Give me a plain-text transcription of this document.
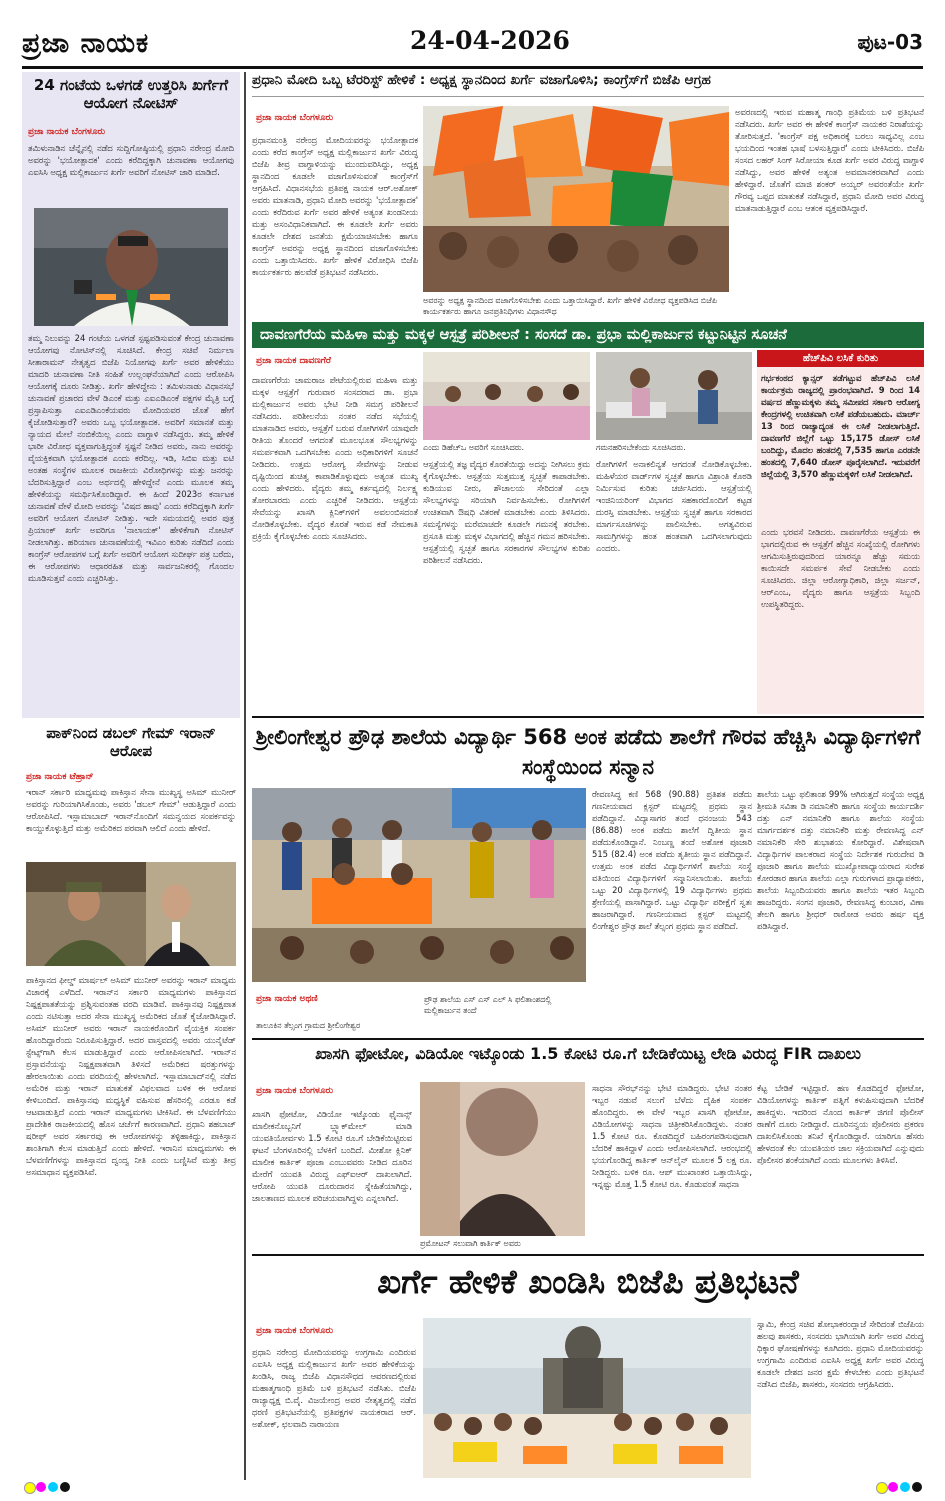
ಪ್ರಜಾ ನಾಯಕ	24-04-2026	ಪುಟ-03
24 ಗಂಟೆಯ ಒಳಗಡೆ ಉತ್ತರಿಸಿ ಖರ್ಗೆಗೆ ಆಯೋಗ ನೋಟಿಸ್
ಪ್ರಜಾ ನಾಯಕ ಬೆಂಗಳೂರು
ತಮಿಳುನಾಡಿನ ಚೆನ್ನೈನಲ್ಲಿ ನಡೆದ ಸುದ್ದಿಗೋಷ್ಠಿಯಲ್ಲಿ ಪ್ರಧಾನಿ ನರೇಂದ್ರ ಮೋದಿ ಅವರನ್ನು 'ಭಯೋತ್ಪಾದಕ' ಎಂದು ಕರೆದಿದ್ದಕ್ಕಾಗಿ ಚುನಾವಣಾ ಆಯೋಗವು ಎಐಸಿಸಿ ಅಧ್ಯಕ್ಷ ಮಲ್ಲಿಕಾರ್ಜುನ ಖರ್ಗೆ ಅವರಿಗೆ ನೋಟಿಸ್ ಜಾರಿ ಮಾಡಿದೆ.
ತಮ್ಮ ನಿಲುವನ್ನು 24 ಗಂಟೆಯ ಒಳಗಡೆ ಸ್ಪಷ್ಟಪಡಿಸುವಂತೆ ಕೇಂದ್ರ ಚುನಾವಣಾ ಆಯೋಗವು ನೋಟಿಸ್‌ನಲ್ಲಿ ಸೂಚಿಸಿದೆ. ಕೇಂದ್ರ ಸಚಿವೆ ನಿರ್ಮಲಾ ಸೀತಾರಾಮನ್ ನೇತೃತ್ವದ ಬಿಜೆಪಿ ನಿಯೋಗವು ಖರ್ಗೆ ಅವರ ಹೇಳಿಕೆಯು ಮಾದರಿ ಚುನಾವಣಾ ನೀತಿ ಸಂಹಿತೆ ಉಲ್ಲಂಘನೆಯಾಗಿದೆ ಎಂದು ಆರೋಪಿಸಿ ಆಯೋಗಕ್ಕೆ ದೂರು ನೀಡಿತ್ತು. ಖರ್ಗೆ ಹೇಳಿದ್ದೇನು : ತಮಿಳುನಾಡು ವಿಧಾನಸಭೆ ಚುನಾವಣೆ ಪ್ರಚಾರದ ವೇಳೆ ಡಿಎಂಕೆ ಮತ್ತು ಎಐಎಡಿಎಂಕೆ ಪಕ್ಷಗಳ ಮೈತ್ರಿ ಬಗ್ಗೆ ಪ್ರಸ್ತಾಪಿಸುತ್ತಾ ಎಐಎಡಿಎಂಕೆಯವರು ಮೋದಿಯವರ ಜೊತೆ ಹೇಗೆ ಕೈಜೋಡಿಸುತ್ತಾರೆ? ಅವರು ಒಬ್ಬ ಭಯೋತ್ಪಾದಕ. ಅವರಿಗೆ ಸಮಾನತೆ ಮತ್ತು ನ್ಯಾಯದ ಮೇಲೆ ನಂಬಿಕೆಯಿಲ್ಲ ಎಂದು ವಾಗ್ದಾಳಿ ನಡೆಸಿದ್ದರು. ತಮ್ಮ ಹೇಳಿಕೆ ಭಾರೀ ವಿರೋಧ ವ್ಯಕ್ತವಾಗುತ್ತಿದ್ದಂತೆ ಸ್ಪಷ್ಟನೆ ನೀಡಿದ ಅವರು, ನಾನು ಅವರನ್ನು ವೈಯಕ್ತಿಕವಾಗಿ ಭಯೋತ್ಪಾದಕ ಎಂದು ಕರೆದಿಲ್ಲ. ಇಡಿ, ಸಿಬಿಐ ಮತ್ತು ಐಟಿ ಅಂತಹ ಸಂಸ್ಥೆಗಳ ಮೂಲಕ ರಾಜಕೀಯ ವಿರೋಧಿಗಳನ್ನು ಮತ್ತು ಜನರನ್ನು ಬೆದರಿಸುತ್ತಿದ್ದಾರೆ ಎಂಬ ಅರ್ಥದಲ್ಲಿ ಹೇಳಿದ್ದೇನೆ ಎಂದು ಮೂಲಕ ತಮ್ಮ ಹೇಳಿಕೆಯನ್ನು ಸಮರ್ಥಿಸಿಕೊಂಡಿದ್ದಾರೆ. ಈ ಹಿಂದೆ 2023ರ ಕರ್ನಾಟಕ ಚುನಾವಣೆ ವೇಳೆ ಮೋದಿ ಅವರನ್ನು 'ವಿಷದ ಹಾವು' ಎಂದು ಕರೆದಿದ್ದಕ್ಕಾಗಿ ಖರ್ಗೆ ಅವರಿಗೆ ಆಯೋಗ ನೋಟಿಸ್ ನೀಡಿತ್ತು. ಇದೇ ಸಮಯದಲ್ಲಿ ಅವರ ಪುತ್ರ ಪ್ರಿಯಾಂಕ್ ಖರ್ಗೆ ಅವರಿಗೂ 'ನಾಲಾಯಕ್' ಹೇಳಿಕೆಗಾಗಿ ನೋಟಿಸ್ ನೀಡಲಾಗಿತ್ತು. ಹರಿಯಾಣ ಚುನಾವಣೆಯಲ್ಲಿ ಇವಿಎಂ ಕುರಿತು ನಡೆದಿದೆ ಎಂದು ಕಾಂಗ್ರೆಸ್ ಆರೋಪಗಳ ಬಗ್ಗೆ ಖರ್ಗೆ ಅವರಿಗೆ ಆಯೋಗ ಸುದೀರ್ಘ ಪತ್ರ ಬರೆದು, ಈ ಆರೋಪಗಳು ಆಧಾರರಹಿತ ಮತ್ತು ಸಾರ್ವಜನಿಕರಲ್ಲಿ ಗೊಂದಲ ಮೂಡಿಸುತ್ತವೆ ಎಂದು ಎಚ್ಚರಿಸಿತ್ತು.
ಪಾಕ್‌ನಿಂದ ಡಬಲ್ ಗೇಮ್ ಇರಾನ್ ಆರೋಪ
ಪ್ರಜಾ ನಾಯಕ ಟೆಹ್ರಾನ್
ಇರಾನ್ ಸರ್ಕಾರಿ ಮಾಧ್ಯಮವು ಪಾಕಿಸ್ತಾನ ಸೇನಾ ಮುಖ್ಯಸ್ಥ ಅಸಿಮ್ ಮುನೀರ್ ಅವರನ್ನು ಗುರಿಯಾಗಿಸಿಕೊಂಡು, ಅವರು 'ಡಬಲ್ ಗೇಮ್' ಆಡುತ್ತಿದ್ದಾರೆ ಎಂದು ಆರೋಪಿಸಿದೆ. ಇಸ್ಲಾಮಾಬಾದ್ ಇರಾನ್‌ನೊಂದಿಗೆ ಸಮನ್ವಯದ ಸಂಪರ್ಕವನ್ನು ಕಾಯ್ದುಕೊಳ್ಳುತ್ತಿದೆ ಮತ್ತು ಅಮೆರಿಕದ ಪರವಾಗಿ ಆಲಿದೆ ಎಂದು ಹೇಳಿದೆ.
ಪಾಕಿಸ್ತಾನದ ಫೀಲ್ಡ್ ಮಾರ್ಷಲ್ ಅಸಿಮ್ ಮುನೀರ್ ಅವರನ್ನು ಇರಾನ್ ಮಾಧ್ಯಮ ವಿಚಾರಕ್ಕೆ ಎಳೆದಿದೆ. ಇರಾನ್‌ನ ಸರ್ಕಾರಿ ಮಾಧ್ಯಮಗಳು ಪಾಕಿಸ್ತಾನದ ನಿಷ್ಪಕ್ಷಪಾತತೆಯನ್ನು ಪ್ರಶ್ನಿಸುವಂತಹ ವರದಿ ಮಾಡಿವೆ. ಪಾಕಿಸ್ತಾನವು ನಿಷ್ಪಕ್ಷಪಾತ ಎಂದು ನಟಿಸುತ್ತಾ ಅದರ ಸೇನಾ ಮುಖ್ಯಸ್ಥ ಅಮೆರಿಕದ ಜೊತೆ ಕೈಜೋಡಿಸಿದ್ದಾರೆ. ಅಸಿಮ್ ಮುನೀರ್ ಅವರು ಇರಾನ್ ನಾಯಕರೊಂದಿಗೆ ವೈಯಕ್ತಿಕ ಸಂಪರ್ಕ ಹೊಂದಿದ್ದಾರೆಂದು ನಿರೂಪಿಸುತ್ತಿದ್ದಾರೆ. ಅದರ ವಾಸ್ತವದಲ್ಲಿ ಅವರು ಯುನೈಟೆಡ್ ಸ್ಟೇಟ್ಸ್‌ಗಾಗಿ ಕೆಲಸ ಮಾಡುತ್ತಿದ್ದಾರೆ ಎಂದು ಆರೋಪಿಸಲಾಗಿದೆ. ಇರಾನ್‌ನ ಪ್ರಸ್ತಾವನೆಯನ್ನು ನಿಷ್ಪಕ್ಷಪಾತವಾಗಿ ತಿಳಿಸದೆ ಅಮೆರಿಕದ ಷರತ್ತುಗಳನ್ನು ಹೇರಲಾಯಿತು ಎಂದು ವರದಿಯಲ್ಲಿ ಹೇಳಲಾಗಿದೆ. ಇಸ್ಲಾಮಾಬಾದ್‌ನಲ್ಲಿ ನಡೆದ ಅಮೆರಿಕ ಮತ್ತು ಇರಾನ್ ಮಾತುಕತೆ ವಿಫಲವಾದ ಬಳಿಕ ಈ ಆರೋಪ ಕೇಳಿಬಂದಿದೆ. ಪಾಕಿಸ್ತಾನವು ಮಧ್ಯಸ್ಥಿಕೆ ವಹಿಸುವ ಹೆಸರಿನಲ್ಲಿ ಎರಡೂ ಕಡೆ ಆಟವಾಡುತ್ತಿದೆ ಎಂದು ಇರಾನ್ ಮಾಧ್ಯಮಗಳು ಟೀಕಿಸಿವೆ. ಈ ಬೆಳವಣಿಗೆಯು ಪ್ರಾದೇಶಿಕ ರಾಜಕೀಯದಲ್ಲಿ ಹೊಸ ಚರ್ಚೆಗೆ ಕಾರಣವಾಗಿದೆ. ಪ್ರಧಾನಿ ಶಹಬಾಜ್ ಷರೀಫ್ ಅವರ ಸರ್ಕಾರವು ಈ ಆರೋಪಗಳನ್ನು ತಳ್ಳಿಹಾಕಿದ್ದು, ಪಾಕಿಸ್ತಾನ ಶಾಂತಿಗಾಗಿ ಕೆಲಸ ಮಾಡುತ್ತಿದೆ ಎಂದು ಹೇಳಿದೆ. ಇರಾನಿನ ಮಾಧ್ಯಮಗಳು ಈ ಬೆಳವಣಿಗೆಗಳನ್ನು ಪಾಕಿಸ್ತಾನದ ದ್ವಂದ್ವ ನೀತಿ ಎಂದು ಬಣ್ಣಿಸಿವೆ ಮತ್ತು ತೀವ್ರ ಅಸಮಾಧಾನ ವ್ಯಕ್ತಪಡಿಸಿವೆ.
ಪ್ರಧಾನಿ ಮೋದಿ ಒಬ್ಬ ಟೆರರಿಸ್ಟ್ ಹೇಳಿಕೆ : ಅಧ್ಯಕ್ಷ ಸ್ಥಾನದಿಂದ ಖರ್ಗೆ ವಜಾಗೊಳಿಸಿ; ಕಾಂಗ್ರೆಸ್‌ಗೆ ಬಿಜೆಪಿ ಆಗ್ರಹ
ಪ್ರಜಾ ನಾಯಕ ಬೆಂಗಳೂರು
ಪ್ರಧಾನಮಂತ್ರಿ ನರೇಂದ್ರ ಮೋದಿಯವರನ್ನು ಭಯೋತ್ಪಾದಕ ಎಂದು ಕರೆದ ಕಾಂಗ್ರೆಸ್ ಅಧ್ಯಕ್ಷ ಮಲ್ಲಿಕಾರ್ಜುನ ಖರ್ಗೆ ವಿರುದ್ಧ ಬಿಜೆಪಿ ತೀವ್ರ ವಾಗ್ದಾಳಿಯನ್ನು ಮುಂದುವರಿಸಿದ್ದು, ಅಧ್ಯಕ್ಷ ಸ್ಥಾನದಿಂದ ಕೂಡಲೇ ವಜಾಗೊಳಿಸುವಂತೆ ಕಾಂಗ್ರೆಸ್‌ಗೆ ಆಗ್ರಹಿಸಿದೆ. ವಿಧಾನಸಭೆಯ ಪ್ರತಿಪಕ್ಷ ನಾಯಕ ಆರ್.ಅಶೋಕ್ ಅವರು ಮಾತನಾಡಿ, ಪ್ರಧಾನಿ ಮೋದಿ ಅವರನ್ನು 'ಭಯೋತ್ಪಾದಕ' ಎಂದು ಕರೆದಿರುವ ಖರ್ಗೆ ಅವರ ಹೇಳಿಕೆ ಅತ್ಯಂತ ಖಂಡನೀಯ ಮತ್ತು ಅಸಂವಿಧಾನಿಕವಾಗಿದೆ. ಈ ಕೂಡಲೇ ಖರ್ಗೆ ಅವರು ಕೂಡಲೇ ದೇಶದ ಜನತೆಯ ಕ್ಷಮೆಯಾಚಿಸಬೇಕು ಹಾಗೂ ಕಾಂಗ್ರೆಸ್ ಅವರನ್ನು ಅಧ್ಯಕ್ಷ ಸ್ಥಾನದಿಂದ ವಜಾಗೊಳಿಸಬೇಕು ಎಂದು ಒತ್ತಾಯಿಸಿದರು. ಖರ್ಗೆ ಹೇಳಿಕೆ ವಿರೋಧಿಸಿ ಬಿಜೆಪಿ ಕಾರ್ಯಕರ್ತರು ಹಲವೆಡೆ ಪ್ರತಿಭಟನೆ ನಡೆಸಿದರು.
ಅವರನ್ನು ಅಧ್ಯಕ್ಷ ಸ್ಥಾನದಿಂದ ವಜಾಗೊಳಿಸಬೇಕು ಎಂದು ಒತ್ತಾಯಿಸಿದ್ದಾರೆ. ಖರ್ಗೆ ಹೇಳಿಕೆ ವಿರೋಧ ವ್ಯಕ್ತಪಡಿಸಿದ ಬಿಜೆಪಿ ಕಾರ್ಯಕರ್ತರು ಹಾಗೂ ಜನಪ್ರತಿನಿಧಿಗಳು ವಿಧಾನಸೌಧ
ಅವರಣದಲ್ಲಿ ಇರುವ ಮಹಾತ್ಮ ಗಾಂಧಿ ಪ್ರತಿಮೆಯ ಬಳಿ ಪ್ರತಿಭಟನೆ ನಡೆಸಿದರು. ಖರ್ಗೆ ಅವರ ಈ ಹೇಳಿಕೆ ಕಾಂಗ್ರೆಸ್ ನಾಯಕರ ನಿರಾಶೆಯನ್ನು ತೋರಿಸುತ್ತದೆ. 'ಕಾಂಗ್ರೆಸ್ ಪಕ್ಷ ಅಧಿಕಾರಕ್ಕೆ ಬರಲು ಸಾಧ್ಯವಿಲ್ಲ ಎಂಬ ಭಯದಿಂದ ಇಂತಹ ಭಾಷೆ ಬಳಸುತ್ತಿದ್ದಾರೆ' ಎಂದು ಟೀಕಿಸಿದರು. ಬಿಜೆಪಿ ಸಂಸದ ಲಹರ್ ಸಿಂಗ್ ಸಿರೋಯಾ ಕೂಡ ಖರ್ಗೆ ಅವರ ವಿರುದ್ಧ ವಾಗ್ದಾಳಿ ನಡೆಸಿದ್ದು, ಅವರ ಹೇಳಿಕೆ ಅತ್ಯಂತ ಅವಮಾನಕರವಾಗಿದೆ ಎಂದು ಹೇಳಿದ್ದಾರೆ. ಜೊತೆಗೆ ಮಾಜಿ ಶಂಕರ್ ಅಯ್ಯರ್ ಅವರಂತೆಯೇ ಖರ್ಗೆ ಗೌರವ್ಯ ಒಪ್ಪದ ಮಾತುಕತೆ ನಡೆಸಿದ್ದಾರೆ, ಪ್ರಧಾನಿ ಮೋದಿ ಅವರ ವಿರುದ್ಧ ಮಾತನಾಡುತ್ತಿದ್ದಾರೆ ಎಂಬ ಆತಂಕ ವ್ಯಕ್ತಪಡಿಸಿದ್ದಾರೆ.
ದಾವಣಗೆರೆಯ ಮಹಿಳಾ ಮತ್ತು ಮಕ್ಕಳ ಆಸ್ಪತ್ರೆ ಪರಿಶೀಲನೆ : ಸಂಸದೆ ಡಾ. ಪ್ರಭಾ ಮಲ್ಲಿಕಾರ್ಜುನ ಕಟ್ಟುನಿಟ್ಟಿನ ಸೂಚನೆ
ಪ್ರಜಾ ನಾಯಕ ದಾವಣಗೆರೆ
ದಾವಣಗೆರೆಯ ಚಾಮರಾಜ ಪೇಟೆಯಲ್ಲಿರುವ ಮಹಿಳಾ ಮತ್ತು ಮಕ್ಕಳ ಆಸ್ಪತ್ರೆಗೆ ಗುರುವಾರ ಸಂಸದರಾದ ಡಾ. ಪ್ರಭಾ ಮಲ್ಲಿಕಾರ್ಜುನ ಅವರು ಭೇಟಿ ನೀಡಿ ಸಮಗ್ರ ಪರಿಶೀಲನೆ ನಡೆಸಿದರು. ಪರಿಶೀಲನೆಯ ನಂತರ ನಡೆದ ಸಭೆಯಲ್ಲಿ ಮಾತನಾಡಿದ ಅವರು, ಆಸ್ಪತ್ರೆಗೆ ಬರುವ ರೋಗಿಗಳಿಗೆ ಯಾವುದೇ ರೀತಿಯ ತೊಂದರೆ ಆಗದಂತೆ ಮೂಲಭೂತ ಸೌಲಭ್ಯಗಳನ್ನು ಸಮರ್ಪಕವಾಗಿ ಒದಗಿಸಬೇಕು ಎಂದು ಅಧಿಕಾರಿಗಳಿಗೆ ಸೂಚನೆ ನೀಡಿದರು. ಉತ್ತಮ ಆರೋಗ್ಯ ಸೇವೆಗಳನ್ನು ನೀಡುವ ದೃಷ್ಟಿಯಿಂದ ಶುಚಿತ್ವ ಕಾಪಾಡಿಕೊಳ್ಳುವುದು ಅತ್ಯಂತ ಮುಖ್ಯ ಎಂದು ಹೇಳಿದರು. ವೈದ್ಯರು ತಮ್ಮ ಕರ್ತವ್ಯದಲ್ಲಿ ನಿರ್ಲಕ್ಷ್ಯ ತೋರಬಾರದು ಎಂದು ಎಚ್ಚರಿಕೆ ನೀಡಿದರು. ಆಸ್ಪತ್ರೆಯ ಸೇವೆಯನ್ನು ಖಾಸಗಿ ಕ್ಲಿನಿಕ್‌ಗಳಿಗೆ ಅವಲಂಬಿಸದಂತೆ ನೋಡಿಕೊಳ್ಳಬೇಕು. ವೈದ್ಯರ ಕೊರತೆ ಇರುವ ಕಡೆ ನೇಮಕಾತಿ ಪ್ರಕ್ರಿಯೆ ಕೈಗೊಳ್ಳಬೇಕು ಎಂದು ಸೂಚಿಸಿದರು.
ಎಂದು ಡಿಹೆಚ್‌ಒ ಅವರಿಗೆ ಸೂಚಿಸಿದರು.	ಗಮನಹರಿಸಬೇಕೆಂದು ಸೂಚಿಸಿದರು.
ಆಸ್ಪತ್ರೆಯಲ್ಲಿ ತಜ್ಞ ವೈದ್ಯರ ಕೊರತೆಯಿದ್ದು ಅದನ್ನು ನೀಗಿಸಲು ಕ್ರಮ ಕೈಗೊಳ್ಳಬೇಕು. ಆಸ್ಪತ್ರೆಯ ಸುತ್ತಮುತ್ತ ಸ್ವಚ್ಛತೆ ಕಾಪಾಡಬೇಕು. ಕುಡಿಯುವ ನೀರು, ಶೌಚಾಲಯ ಸೇರಿದಂತೆ ಎಲ್ಲಾ ಸೌಲಭ್ಯಗಳನ್ನು ಸರಿಯಾಗಿ ನಿರ್ವಹಿಸಬೇಕು. ರೋಗಿಗಳಿಗೆ ಉಚಿತವಾಗಿ ಔಷಧಿ ವಿತರಣೆ ಮಾಡಬೇಕು ಎಂದು ತಿಳಿಸಿದರು. ಸಮಸ್ಯೆಗಳನ್ನು ಮರೆಮಾಚದೇ ಕೂಡಲೇ ಗಮನಕ್ಕೆ ತರಬೇಕು. ಪ್ರಸೂತಿ ಮತ್ತು ಮಕ್ಕಳ ವಿಭಾಗದಲ್ಲಿ ಹೆಚ್ಚಿನ ಗಮನ ಹರಿಸಬೇಕು. ಆಸ್ಪತ್ರೆಯಲ್ಲಿ ಸ್ವಚ್ಛತೆ ಹಾಗೂ ಸರಕಾರಗಳ ಸೌಲಭ್ಯಗಳ ಕುರಿತು ಪರಿಶೀಲನೆ ನಡೆಸಿದರು.
ರೋಗಿಗಳಿಗೆ ಅನಾಕಲಿನ್ಯತೆ ಆಗದಂತೆ ನೋಡಿಕೊಳ್ಳಬೇಕು. ಮಹಿಳೆಯರ ವಾರ್ಡ್‌ಗಳ ಸ್ವಚ್ಛತೆ ಹಾಗೂ ವಿಶ್ರಾಂತಿ ಕೊಠಡಿ ನಿರ್ಮಿಸುವ ಕುರಿತು ಚರ್ಚಿಸಿದರು. ಆಸ್ಪತ್ರೆಯಲ್ಲಿ ಇಂಜಿನಿಯರಿಂಗ್ ವಿಭಾಗದ ಸಹಕಾರದೊಂದಿಗೆ ಕಟ್ಟಡ ದುರಸ್ತಿ ಮಾಡಬೇಕು. ಆಸ್ಪತ್ರೆಯ ಸ್ವಚ್ಛತೆ ಹಾಗೂ ಸರಕಾರದ ಮಾರ್ಗಸೂಚಿಗಳನ್ನು ಪಾಲಿಸಬೇಕು. ಅಗತ್ಯವಿರುವ ಸಾಮಗ್ರಿಗಳನ್ನು ಹಂತ ಹಂತವಾಗಿ ಒದಗಿಸಲಾಗುವುದು ಎಂದರು.
ಹೆಚ್‌ಪಿವಿ ಲಸಿಕೆ ಕುರಿತು
ಗರ್ಭಕಂಠದ ಕ್ಯಾನ್ಸರ್ ತಡೆಗಟ್ಟುವ ಹೆಚ್‌ಪಿವಿ ಲಸಿಕೆ ಕಾರ್ಯಕ್ರಮ ರಾಜ್ಯದಲ್ಲಿ ಪ್ರಾರಂಭವಾಗಿದೆ. 9 ರಿಂದ 14 ವರ್ಷದ ಹೆಣ್ಣುಮಕ್ಕಳು ತಮ್ಮ ಸಮೀಪದ ಸರ್ಕಾರಿ ಆರೋಗ್ಯ ಕೇಂದ್ರಗಳಲ್ಲಿ ಉಚಿತವಾಗಿ ಲಸಿಕೆ ಪಡೆಯಬಹುದು. ಮಾರ್ಚ್ 13 ರಿಂದ ರಾಜ್ಯಾದ್ಯಂತ ಈ ಲಸಿಕೆ ನೀಡಲಾಗುತ್ತಿದೆ. ದಾವಣಗೆರೆ ಜಿಲ್ಲೆಗೆ ಒಟ್ಟು 15,175 ಡೋಸ್ ಲಸಿಕೆ ಬಂದಿದ್ದು, ಮೊದಲ ಹಂತದಲ್ಲಿ 7,535 ಹಾಗೂ ಎರಡನೇ ಹಂತದಲ್ಲಿ 7,640 ಡೋಸ್ ಪೂರೈಸಲಾಗಿದೆ. ಇದುವರೆಗೆ ಜಿಲ್ಲೆಯಲ್ಲಿ 3,570 ಹೆಣ್ಣುಮಕ್ಕಳಿಗೆ ಲಸಿಕೆ ನೀಡಲಾಗಿದೆ.
ಎಂದು ಭರವಸೆ ನೀಡಿದರು. ದಾವಣಗೆರೆಯ ಆಸ್ಪತ್ರೆಯ ಈ ಭಾಗದಲ್ಲಿರುವ ಈ ಆಸ್ಪತ್ರೆಗೆ ಹೆಚ್ಚಿನ ಸಂಖ್ಯೆಯಲ್ಲಿ ರೋಗಿಗಳು ಆಗಮಿಸುತ್ತಿರುವುದರಿಂದ ಯಾರನ್ನೂ ಹೆಚ್ಚು ಸಮಯ ಕಾಯಿಸದೇ ಸಮರ್ಪಕ ಸೇವೆ ನೀಡಬೇಕು ಎಂದು ಸೂಚಿಸಿದರು. ಜಿಲ್ಲಾ ಆರೋಗ್ಯಾಧಿಕಾರಿ, ಜಿಲ್ಲಾ ಸರ್ಜನ್, ಆರ್‌ಎಂಒ, ವೈದ್ಯರು ಹಾಗೂ ಆಸ್ಪತ್ರೆಯ ಸಿಬ್ಬಂದಿ ಉಪಸ್ಥಿತರಿದ್ದರು.
ಶ್ರೀಲಿಂಗೇಶ್ವರ ಪ್ರೌಢ ಶಾಲೆಯ ವಿದ್ಯಾರ್ಥಿ 568 ಅಂಕ ಪಡೆದು ಶಾಲೆಗೆ ಗೌರವ ಹೆಚ್ಚಿಸಿ ವಿದ್ಯಾರ್ಥಿಗಳಿಗೆ ಸಂಸ್ಥೆಯಿಂದ ಸನ್ಮಾನ
ಪ್ರಜಾ ನಾಯಕ ಅಥಣಿ
ತಾಲೂಕಿನ ತೆಲ್ಸಂಗ ಗ್ರಾಮದ ಶ್ರೀಲಿಂಗೇಶ್ವರ
ಪ್ರೌಢ ಶಾಲೆಯ ಎಸ್ ಎಸ್ ಎಲ್ ಸಿ ಫಲಿತಾಂಶದಲ್ಲಿ ಮಲ್ಲಿಕಾರ್ಜುನ ತಂದೆ
ರೇವಣಸಿದ್ಧ ಕಣಿ 568 (90.88) ಪ್ರತಿಶತ ಪಡೆದು ಗಣನೀಯವಾದ ಕ್ಲಸ್ಟರ್ ಮಟ್ಟದಲ್ಲಿ ಪ್ರಥಮ ಸ್ಥಾನ ಪಡೆದಿದ್ದಾನೆ. ವಿದ್ಯಾಸಾಗರ ತಂದೆ ಧನಂಜಯ 543 (86.88) ಅಂಕ ಪಡೆದು ಶಾಲೆಗೆ ದ್ವಿತೀಯ ಸ್ಥಾನ ಪಡೆದುಕೊಂಡಿದ್ದಾನೆ. ನಿಂಬಣ್ಣ ತಂದೆ ಅಶೋಕ ಪೂಜಾರಿ 515 (82.4) ಅಂಕ ಪಡೆದು ತೃತೀಯ ಸ್ಥಾನ ಪಡೆದಿದ್ದಾನೆ. ಉತ್ತಮ ಅಂಕ ಪಡೆದ ವಿದ್ಯಾರ್ಥಿಗಳಿಗೆ ಶಾಲೆಯ ಸಂಸ್ಥೆ ವತಿಯಿಂದ ವಿದ್ಯಾರ್ಥಿಗಳಿಗೆ ಸನ್ಮಾನಿಸಲಾಯಿತು. ಶಾಲೆಯ ಒಟ್ಟು 20 ವಿದ್ಯಾರ್ಥಿಗಳಲ್ಲಿ 19 ವಿದ್ಯಾರ್ಥಿಗಳು ಪ್ರಥಮ ಶ್ರೇಣಿಯಲ್ಲಿ ಪಾಸಾಗಿದ್ದಾರೆ. ಒಟ್ಟು ವಿದ್ಯಾರ್ಥಿ ಪರೀಕ್ಷೆಗೆ ಸ್ವತಃ ಹಾಜರಾಗಿದ್ದಾರೆ. ಗಣನೀಯವಾದ ಕ್ಲಸ್ಟರ್ ಮಟ್ಟದಲ್ಲಿ ಲಿಂಗೇಶ್ವರ ಪ್ರೌಢ ಶಾಲೆ ತೆಲ್ಸಂಗ ಪ್ರಥಮ ಸ್ಥಾನ ಪಡೆದಿದೆ.
ಶಾಲೆಯ ಒಟ್ಟು ಫಲಿತಾಂಶ 99% ಆಗಿರುತ್ತದೆ ಸಂಸ್ಥೆಯ ಅಧ್ಯಕ್ಷ ಶ್ರೀಮತಿ ಸವಿತಾ ಡಿ ನಮಾನಿಕೆರಿ ಹಾಗೂ ಸಂಸ್ಥೆಯ ಕಾರ್ಯದರ್ಶಿ ದತ್ತು ಎನ್ ನಮಾನಿಕೆರಿ ಹಾಗೂ ಶಾಲೆಯ ಸಂಸ್ಥೆಯ ಮಾರ್ಗದರ್ಶಕ ದತ್ತು ನಮಾನಿಕೆರಿ ಮತ್ತು ರೇವಣಸಿದ್ಧ ಎನ್ ನಮಾನಿಕೆರಿ ಸೇರಿ ಶುಭಾಶಯ ಕೋರಿದ್ದಾರೆ. ವಿಶೇಷವಾಗಿ ವಿದ್ಯಾರ್ಥಿಗಳ ಪಾಲಕರಾದ ಸಂಸ್ಥೆಯ ನಿರ್ದೇಶಕ ಗುರುದೇವ ಡಿ ಪೂಜಾರಿ ಹಾಗೂ ಶಾಲೆಯ ಮುಖ್ಯೋಪಾಧ್ಯಾಯರಾದ ಸುರೇಶ ಕೋರಡಾರ ಹಾಗೂ ಶಾಲೆಯ ಎಲ್ಲಾ ಗುರುಗಳಾದ ಪ್ರಾಧ್ಯಾಪಕರು, ಶಾಲೆಯ ಸಿಬ್ಬಂದಿಯವರು ಹಾಗೂ ಶಾಲೆಯ ಇತರ ಸಿಬ್ಬಂದಿ ಹಾಜರಿದ್ದರು. ಸಂಗನ ಪೂಜಾರಿ, ರೇವಣಸಿದ್ಧ ಕುಂಬಾರ, ವಿಣಾ ತೇಲಗಿ ಹಾಗೂ ಶ್ರೀಧರ್ ರಾಠೋಡ ಅವರು ಹರ್ಷ ವ್ಯಕ್ತ ಪಡಿಸಿದ್ದಾರೆ.
ಖಾಸಗಿ ಫೋಟೋ, ವಿಡಿಯೋ ಇಟ್ಕೊಂಡು 1.5 ಕೋಟಿ ರೂ.ಗೆ ಬೇಡಿಕೆಯಿಟ್ಟ ಲೇಡಿ ವಿರುದ್ಧ FIR ದಾಖಲು
ಪ್ರಜಾ ನಾಯಕ ಬೆಂಗಳೂರು
ಖಾಸಗಿ ಫೋಟೋ, ವಿಡಿಯೋ ಇಟ್ಕೊಂಡು ಫೈನಾನ್ಸ್ ಮಾಲೀಕನೊಬ್ಬನಿಗೆ ಬ್ಲ್ಯಾಕ್‌ಮೇಲ್ ಮಾಡಿ ಯುವತಿಯೋರ್ವಳು 1.5 ಕೋಟಿ ರೂ.ಗೆ ಬೇಡಿಕೆಯಿಟ್ಟಿರುವ ಘಟನೆ ಬೆಂಗಳೂರಿನಲ್ಲಿ ಬೆಳಕಿಗೆ ಬಂದಿದೆ. ಮೀಶೋ ಕ್ಲಿನಿಕ್ ಮಾಲೀಕ ಕಾರ್ತಿಕ್ ಪೂಜಾ ಎಂಬುವವರು ನೀಡಿದ ದೂರಿನ ಮೇರೆಗೆ ಯುವತಿ ವಿರುದ್ಧ ಎಫ್‌ಐಆರ್ ದಾಖಲಾಗಿದೆ. ಆರೋಪಿ ಯುವತಿ ದೂರುದಾರನ ಸ್ನೇಹಿತೆಯಾಗಿದ್ದು, ಜಾಲತಾಣದ ಮೂಲಕ ಪರಿಚಯವಾಗಿದ್ದಳು ಎನ್ನಲಾಗಿದೆ.
ಪ್ರಮೋಟನ್ ಸಲುವಾಗಿ ಕಾರ್ತಿಕ್ ಅವರು
ಸಾಧನಾ ಸೌರಭ್‌ನನ್ನು ಭೇಟಿ ಮಾಡಿದ್ದರು. ಭೇಟಿ ನಂತರ ಇಬ್ಬರ ನಡುವೆ ಸಲುಗೆ ಬೆಳೆದು ದೈಹಿಕ ಸಂಪರ್ಕ ಹೊಂದಿದ್ದರು. ಈ ವೇಳೆ ಇಬ್ಬರ ಖಾಸಗಿ ಫೋಟೋ, ವಿಡಿಯೋಗಳನ್ನು ಸಾಧನಾ ಚಿತ್ರೀಕರಿಸಿಕೊಂಡಿದ್ದಳು. ನಂತರ 1.5 ಕೋಟಿ ರೂ. ಕೊಡದಿದ್ದರೆ ಬಹಿರಂಗಪಡಿಸುವುದಾಗಿ ಬೆದರಿಕೆ ಹಾಕಿದ್ದಾಳೆ ಎಂದು ಆರೋಪಿಸಲಾಗಿದೆ. ಆರಂಭದಲ್ಲಿ ಭಯಗೊಂಡಿದ್ದ ಕಾರ್ತಿಕ್ ಆನ್‌ಲೈನ್ ಮೂಲಕ 5 ಲಕ್ಷ ರೂ. ನೀಡಿದ್ದರು. ಬಳಿಕ ರೂ. ಆಪ್ ಮುಖಾಂತರ ಒತ್ತಾಯಿಸಿದ್ದು, ಇನ್ನಷ್ಟು ಮೊತ್ತ 1.5 ಕೋಟಿ ರೂ. ಕೊಡುವಂತೆ ಸಾಧನಾ
ಕೆಟ್ಟ ಬೇಡಿಕೆ ಇಟ್ಟಿದ್ದಾರೆ. ಹಣ ಕೊಡದಿದ್ದರೆ ಫೋಟೋ, ವಿಡಿಯೋಗಳನ್ನು ಕಾರ್ತಿಕ್ ಪತ್ನಿಗೆ ಕಳುಹಿಸುವುದಾಗಿ ಬೆದರಿಕೆ ಹಾಕಿದ್ದಳು. ಇದರಿಂದ ನೊಂದ ಕಾರ್ತಿಕ್ ಜಿಗಣಿ ಪೊಲೀಸ್ ಠಾಣೆಗೆ ದೂರು ನೀಡಿದ್ದಾರೆ. ದೂರಿನನ್ವಯ ಪೊಲೀಸರು ಪ್ರಕರಣ ದಾಖಲಿಸಿಕೊಂಡು ತನಿಖೆ ಕೈಗೊಂಡಿದ್ದಾರೆ. ಯಾರಿಗೂ ಹೆಸರು ಹೇಳದಂತೆ ಕೆಲ ಯುವತಿಯರ ಜಾಲ ಸಕ್ರಿಯವಾಗಿದೆ ಎನ್ನುವುದು ಪೊಲೀಸರ ಶಂಕೆಯಾಗಿದೆ ಎಂದು ಮೂಲಗಳು ತಿಳಿಸಿವೆ.
ಖರ್ಗೆ ಹೇಳಿಕೆ ಖಂಡಿಸಿ ಬಿಜೆಪಿ ಪ್ರತಿಭಟನೆ
ಪ್ರಜಾ ನಾಯಕ ಬೆಂಗಳೂರು
ಪ್ರಧಾನಿ ನರೇಂದ್ರ ಮೋದಿಯವರನ್ನು ಉಗ್ರಗಾಮಿ ಎಂದಿರುವ ಎಐಸಿಸಿ ಅಧ್ಯಕ್ಷ ಮಲ್ಲಿಕಾರ್ಜುನ ಖರ್ಗೆ ಅವರ ಹೇಳಿಕೆಯನ್ನು ಖಂಡಿಸಿ, ರಾಜ್ಯ ಬಿಜೆಪಿ ವಿಧಾನಸೌಧದ ಆವರಣದಲ್ಲಿರುವ ಮಹಾತ್ಮಗಾಂಧಿ ಪ್ರತಿಮೆ ಬಳಿ ಪ್ರತಿಭಟನೆ ನಡೆಸಿತು. ಬಿಜೆಪಿ ರಾಜ್ಯಾಧ್ಯಕ್ಷ ಬಿ.ವೈ. ವಿಜಯೇಂದ್ರ ಅವರ ನೇತೃತ್ವದಲ್ಲಿ ನಡೆದ ಧರಣಿ ಪ್ರತಿಭಟನೆಯಲ್ಲಿ ಪ್ರತಿಪಕ್ಷಗಳ ನಾಯಕರಾದ ಆರ್. ಅಶೋಕ್, ಛಲವಾದಿ ನಾರಾಯಣ
ಸ್ವಾಮಿ, ಕೇಂದ್ರ ಸಚಿವ ಶೋಭಾಕರಂದ್ಲಾಜೆ ಸೇರಿದಂತೆ ಬಿಜೆಪಿಯ ಹಲವು ಶಾಸಕರು, ಸಂಸದರು ಭಾಗಿಯಾಗಿ ಖರ್ಗೆ ಅವರ ವಿರುದ್ಧ ಧಿಕ್ಕಾರ ಘೋಷಣೆಗಳನ್ನು ಕೂಗಿದರು. ಪ್ರಧಾನಿ ಮೋದಿಯವರನ್ನು ಉಗ್ರಗಾಮಿ ಎಂದಿರುವ ಎಐಸಿಸಿ ಅಧ್ಯಕ್ಷ ಖರ್ಗೆ ಅವರ ವಿರುದ್ಧ ಕೂಡಲೇ ದೇಶದ ಜನರ ಕ್ಷಮೆ ಕೇಳಬೇಕು ಎಂದು ಪ್ರತಿಭಟನೆ ನಡೆಸಿದ ಬಿಜೆಪಿ, ಶಾಸಕರು, ಸಂಸದರು ಆಗ್ರಹಿಸಿದರು.
